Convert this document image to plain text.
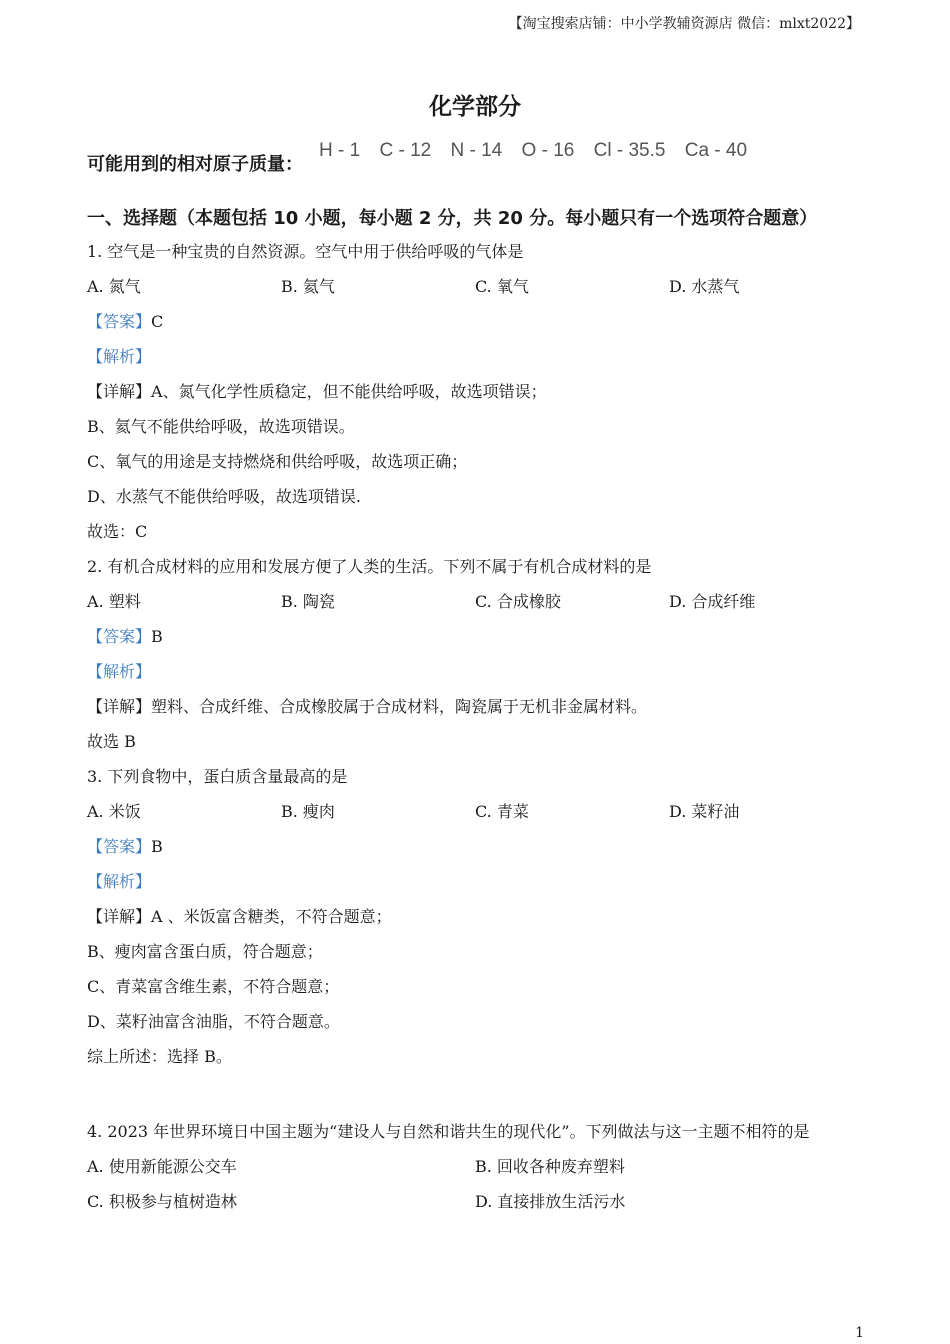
【淘宝搜索店铺：中小学教辅资源店 微信：mlxt2022】
化学部分
可能用到的相对原子质量：
H - 1 C - 12 N - 14 O - 16 Cl - 35.5 Ca - 40
一、选择题（本题包括 10 小题，每小题 2 分，共 20 分。每小题只有一个选项符合题意）
1. 空气是一种宝贵的自然资源。空气中用于供给呼吸的气体是
A. 氮气	B. 氦气	C. 氧气	D. 水蒸气
【答案】C
【解析】
【详解】A、氮气化学性质稳定，但不能供给呼吸，故选项错误；
B、氦气不能供给呼吸，故选项错误。
C、氧气的用途是支持燃烧和供给呼吸，故选项正确；
D、水蒸气不能供给呼吸，故选项错误.
故选：C
2. 有机合成材料的应用和发展方便了人类的生活。下列不属于有机合成材料的是
A. 塑料	B. 陶瓷	C. 合成橡胶	D. 合成纤维
【答案】B
【解析】
【详解】塑料、合成纤维、合成橡胶属于合成材料，陶瓷属于无机非金属材料。
故选 B
3. 下列食物中，蛋白质含量最高的是
A. 米饭	B. 瘦肉	C. 青菜	D. 菜籽油
【答案】B
【解析】
【详解】A 、米饭富含糖类，不符合题意；
B、瘦肉富含蛋白质，符合题意；
C、青菜富含维生素，不符合题意；
D、菜籽油富含油脂，不符合题意。
综上所述：选择 B。
4. 2023 年世界环境日中国主题为“建设人与自然和谐共生的现代化”。下列做法与这一主题不相符的是
A. 使用新能源公交车	B. 回收各种废弃塑料
C. 积极参与植树造林	D. 直接排放生活污水
1
